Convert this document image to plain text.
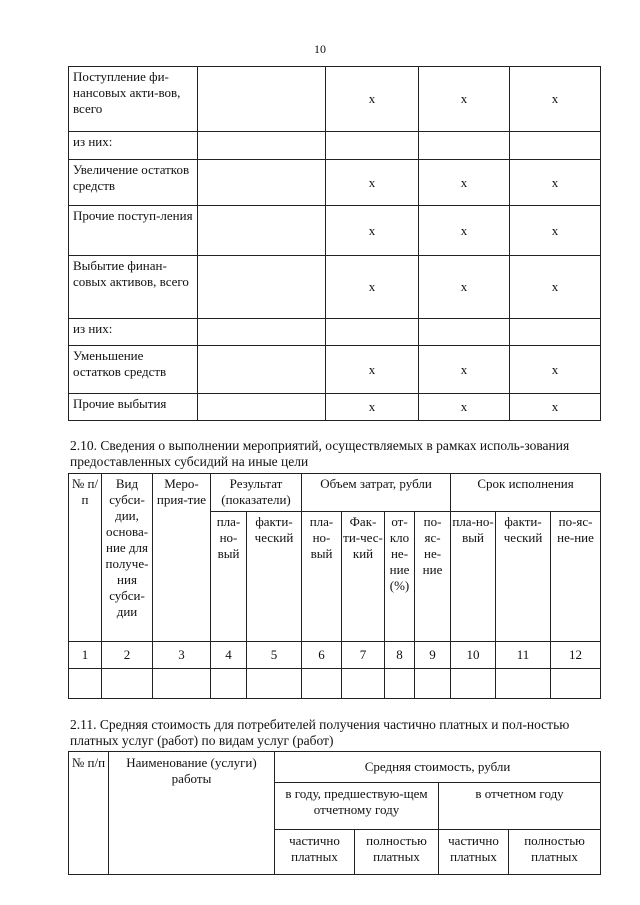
10
Поступление фи-нансовых акти-вов, всего		x	x	x
из них:				
Увеличение остатков средств		x	x	x
Прочие поступ-ления		x	x	x
Выбытие финан-совых активов, всего		x	x	x
из них:				
Уменьшение остатков средств		x	x	x
Прочие выбытия		x	x	x
2.10. Сведения о выполнении мероприятий, осуществляемых в рамках исполь-зования предоставленных субсидий на иные цели
№ п/п	Вид субси-дии, основа-ние для получе-ния субси-дии	Меро-прия-тие	Результат (показатели)		Объем затрат, рубли				Срок исполнения		
			пла-но-вый	факти-ческий	пла-но-вый	Фак-ти-чес-кий	от-кло не-ние (%)	по-яс-не-ние	пла-но-вый	факти-ческий	по-яс-не-ние
1	2	3	4	5	6	7	8	9	10	11	12

2.11. Средняя стоимость для потребителей получения частично платных и пол-ностью платных услуг (работ) по видам услуг (работ)
№ п/п	Наименование (услуги) работы	Средняя стоимость, рубли			
		в году, предшествую-щем отчетному году		в отчетном году	
		частично платных	полностью платных	частично платных	полностью платных
